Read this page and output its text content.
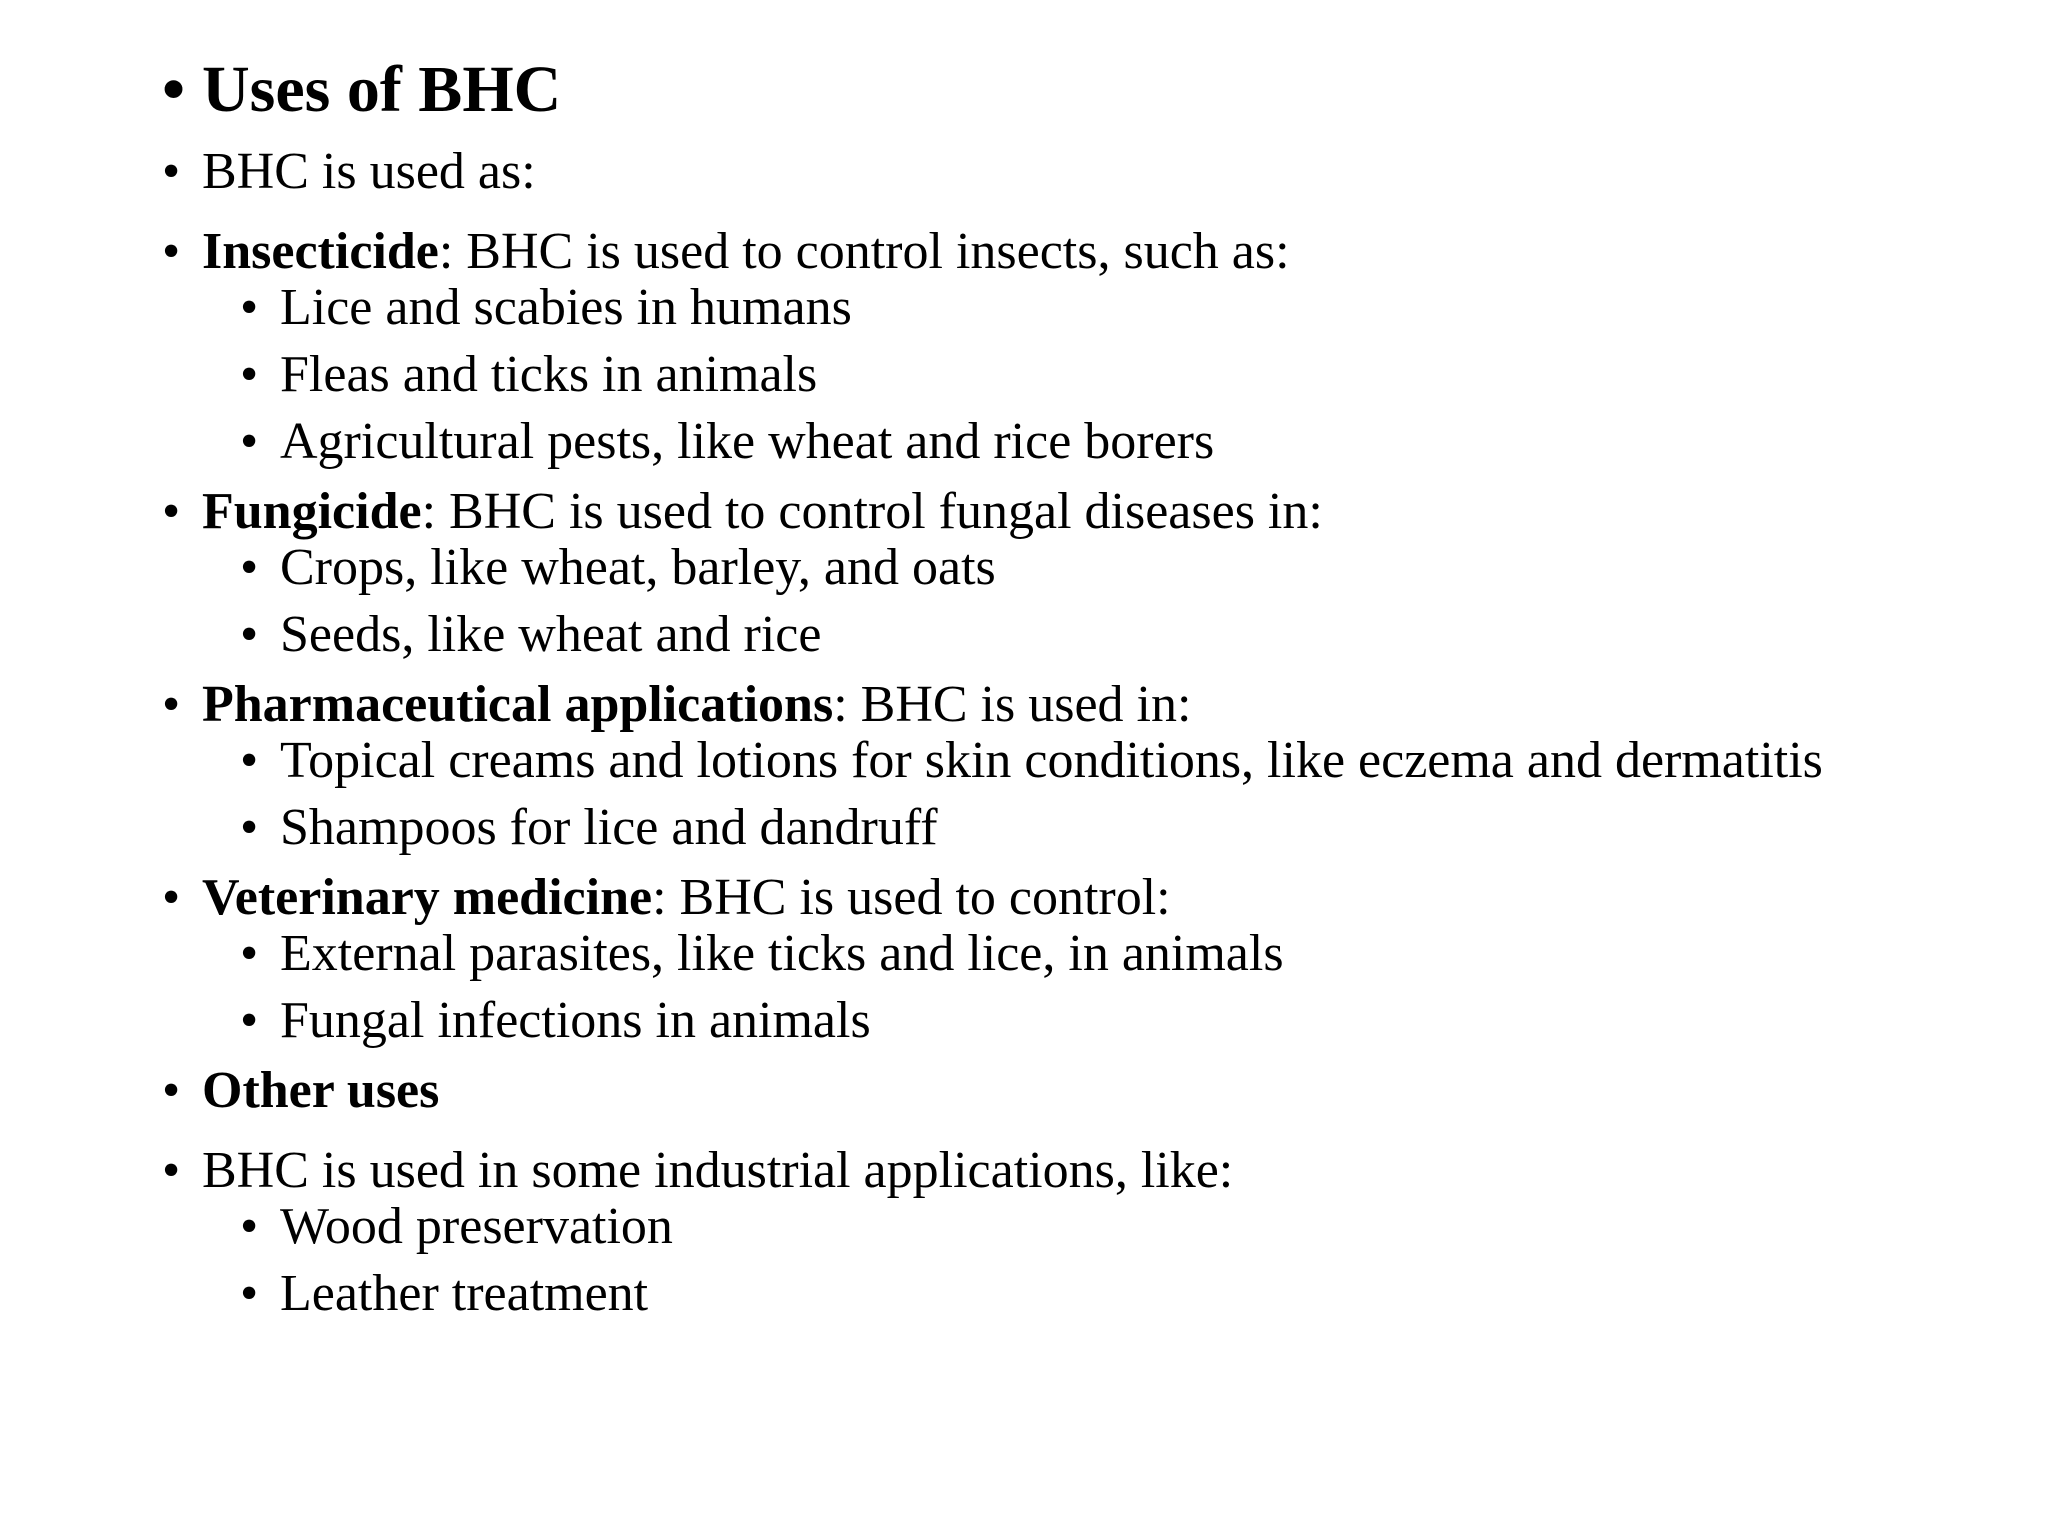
• Uses of BHC
• BHC is used as:
• Insecticide: BHC is used to control insects, such as:
• Lice and scabies in humans
• Fleas and ticks in animals
• Agricultural pests, like wheat and rice borers
• Fungicide: BHC is used to control fungal diseases in:
• Crops, like wheat, barley, and oats
• Seeds, like wheat and rice
• Pharmaceutical applications: BHC is used in:
• Topical creams and lotions for skin conditions, like eczema and dermatitis
• Shampoos for lice and dandruff
• Veterinary medicine: BHC is used to control:
• External parasites, like ticks and lice, in animals
• Fungal infections in animals
• Other uses
• BHC is used in some industrial applications, like:
• Wood preservation
• Leather treatment
